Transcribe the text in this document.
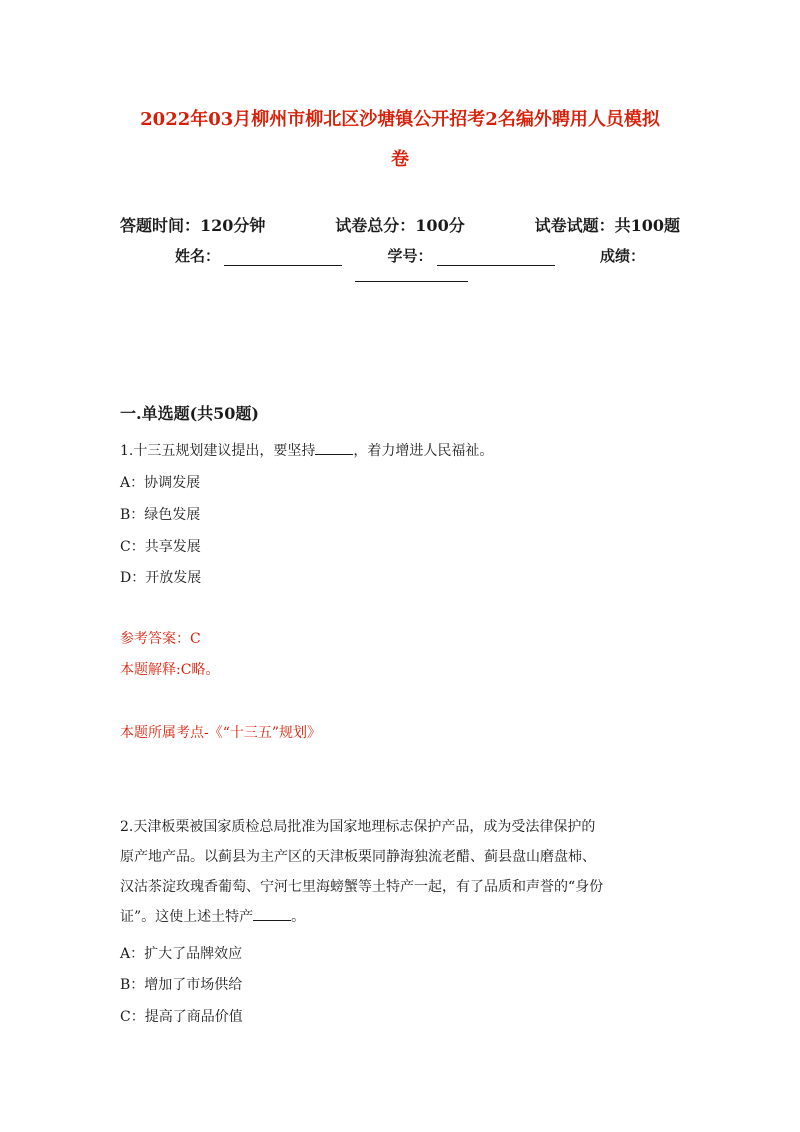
2022年03月柳州市柳北区沙塘镇公开招考2名编外聘用人员模拟
卷
答题时间：120分钟	试卷总分：100分	试卷试题：共100题
姓名：	学号：	成绩：
一.单选题(共50题)
1.十三五规划建议提出，要坚持	，着力增进人民福祉。
A：协调发展
B：绿色发展
C：共享发展
D：开放发展
参考答案：C
本题解释:C略。
本题所属考点-《“十三五”规划》
2.天津板栗被国家质检总局批准为国家地理标志保护产品，成为受法律保护的
原产地产品。以蓟县为主产区的天津板栗同静海独流老醋、蓟县盘山磨盘柿、
汉沽茶淀玫瑰香葡萄、宁河七里海螃蟹等土特产一起，有了品质和声誉的“身份
证”。这使上述土特产	。
A：扩大了品牌效应
B：增加了市场供给
C：提高了商品价值
